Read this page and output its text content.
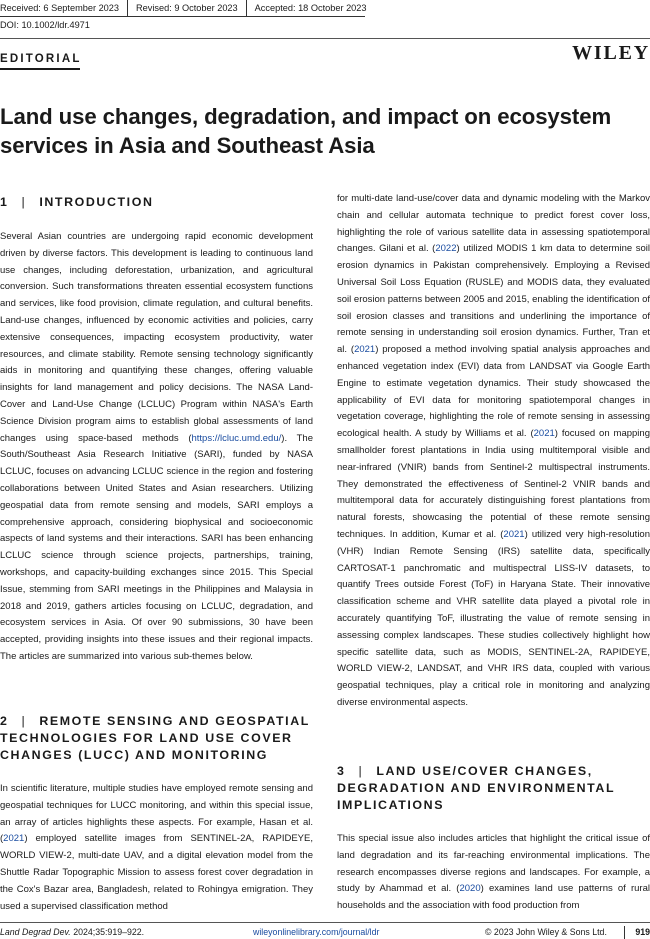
Received: 6 September 2023	Revised: 9 October 2023	Accepted: 18 October 2023
DOI: 10.1002/ldr.4971
EDITORIAL	WILEY
Land use changes, degradation, and impact on ecosystem services in Asia and Southeast Asia
1 | INTRODUCTION

Several Asian countries are undergoing rapid economic development driven by diverse factors. This development is leading to continuous land use changes, including deforestation, urbanization, and agricultural conversion. Such transformations threaten essential ecosystem functions and services, like food provision, climate regulation, and cultural benefits. Land-use changes, influenced by economic activities and policies, carry extensive consequences, impacting ecosystem productivity, water resources, and climate stability. Remote sensing technology significantly aids in monitoring and quantifying these changes, offering valuable insights for land management and policy decisions. The NASA Land-Cover and Land-Use Change (LCLUC) Program within NASA's Earth Science Division program aims to establish global assessments of land changes using space-based methods (https://lcluc.umd.edu/). The South/Southeast Asia Research Initiative (SARI), funded by NASA LCLUC, focuses on advancing LCLUC science in the region and fostering collaborations between United States and Asian researchers. Utilizing geospatial data from remote sensing and models, SARI employs a comprehensive approach, considering biophysical and socioeconomic aspects of land systems and their interactions. SARI has been enhancing LCLUC science through science projects, partnerships, training, workshops, and capacity-building exchanges since 2015. This Special Issue, stemming from SARI meetings in the Philippines and Malaysia in 2018 and 2019, gathers articles focusing on LCLUC, degradation, and ecosystem services in Asia. Of over 90 submissions, 30 have been accepted, providing insights into these issues and their regional impacts. The articles are summarized into various sub-themes below.

2 | REMOTE SENSING AND GEOSPATIAL TECHNOLOGIES FOR LAND USE COVER CHANGES (LUCC) AND MONITORING

In scientific literature, multiple studies have employed remote sensing and geospatial techniques for LUCC monitoring, and within this special issue, an array of articles highlights these aspects. For example, Hasan et al. (2021) employed satellite images from SENTINEL-2A, RAPIDEYE, WORLD VIEW-2, multi-date UAV, and a digital elevation model from the Shuttle Radar Topographic Mission to assess forest cover degradation in the Cox's Bazar area, Bangladesh, related to Rohingya emigration. They used a supervised classification method

for multi-date land-use/cover data and dynamic modeling with the Markov chain and cellular automata technique to predict forest cover loss, highlighting the role of various satellite data in assessing spatiotemporal changes. Gilani et al. (2022) utilized MODIS 1 km data to determine soil erosion dynamics in Pakistan comprehensively. Employing a Revised Universal Soil Loss Equation (RUSLE) and MODIS data, they evaluated soil erosion patterns between 2005 and 2015, enabling the identification of soil erosion classes and transitions and underlining the importance of remote sensing in understanding soil erosion dynamics. Further, Tran et al. (2021) proposed a method involving spatial analysis approaches and enhanced vegetation index (EVI) data from LANDSAT via Google Earth Engine to estimate vegetation dynamics. Their study showcased the applicability of EVI data for monitoring spatiotemporal changes in vegetation coverage, highlighting the role of remote sensing in assessing ecological health. A study by Williams et al. (2021) focused on mapping smallholder forest plantations in India using multitemporal visible and near-infrared (VNIR) bands from Sentinel-2 multispectral instruments. They demonstrated the effectiveness of Sentinel-2 VNIR bands and multitemporal data for accurately distinguishing forest plantations from natural forests, showcasing the potential of these remote sensing techniques. In addition, Kumar et al. (2021) utilized very high-resolution (VHR) Indian Remote Sensing (IRS) satellite data, specifically CARTOSAT-1 panchromatic and multispectral LISS-IV datasets, to quantify Trees outside Forest (ToF) in Haryana State. Their innovative classification scheme and VHR satellite data played a pivotal role in accurately quantifying ToF, illustrating the value of remote sensing in assessing complex landscapes. These studies collectively highlight how specific satellite data, such as MODIS, SENTINEL-2A, RAPIDEYE, WORLD VIEW-2, LANDSAT, and VHR IRS data, coupled with various geospatial techniques, play a critical role in monitoring and analyzing diverse environmental aspects.

3 | LAND USE/COVER CHANGES, DEGRADATION AND ENVIRONMENTAL IMPLICATIONS

This special issue also includes articles that highlight the critical issue of land degradation and its far-reaching environmental implications. The research encompasses diverse regions and landscapes. For example, a study by Ahammad et al. (2020) examines land use patterns of rural households and the association with food production from

Land Degrad Dev. 2024;35:919–922.	wileyonlinelibrary.com/journal/ldr	© 2023 John Wiley & Sons Ltd.	919
